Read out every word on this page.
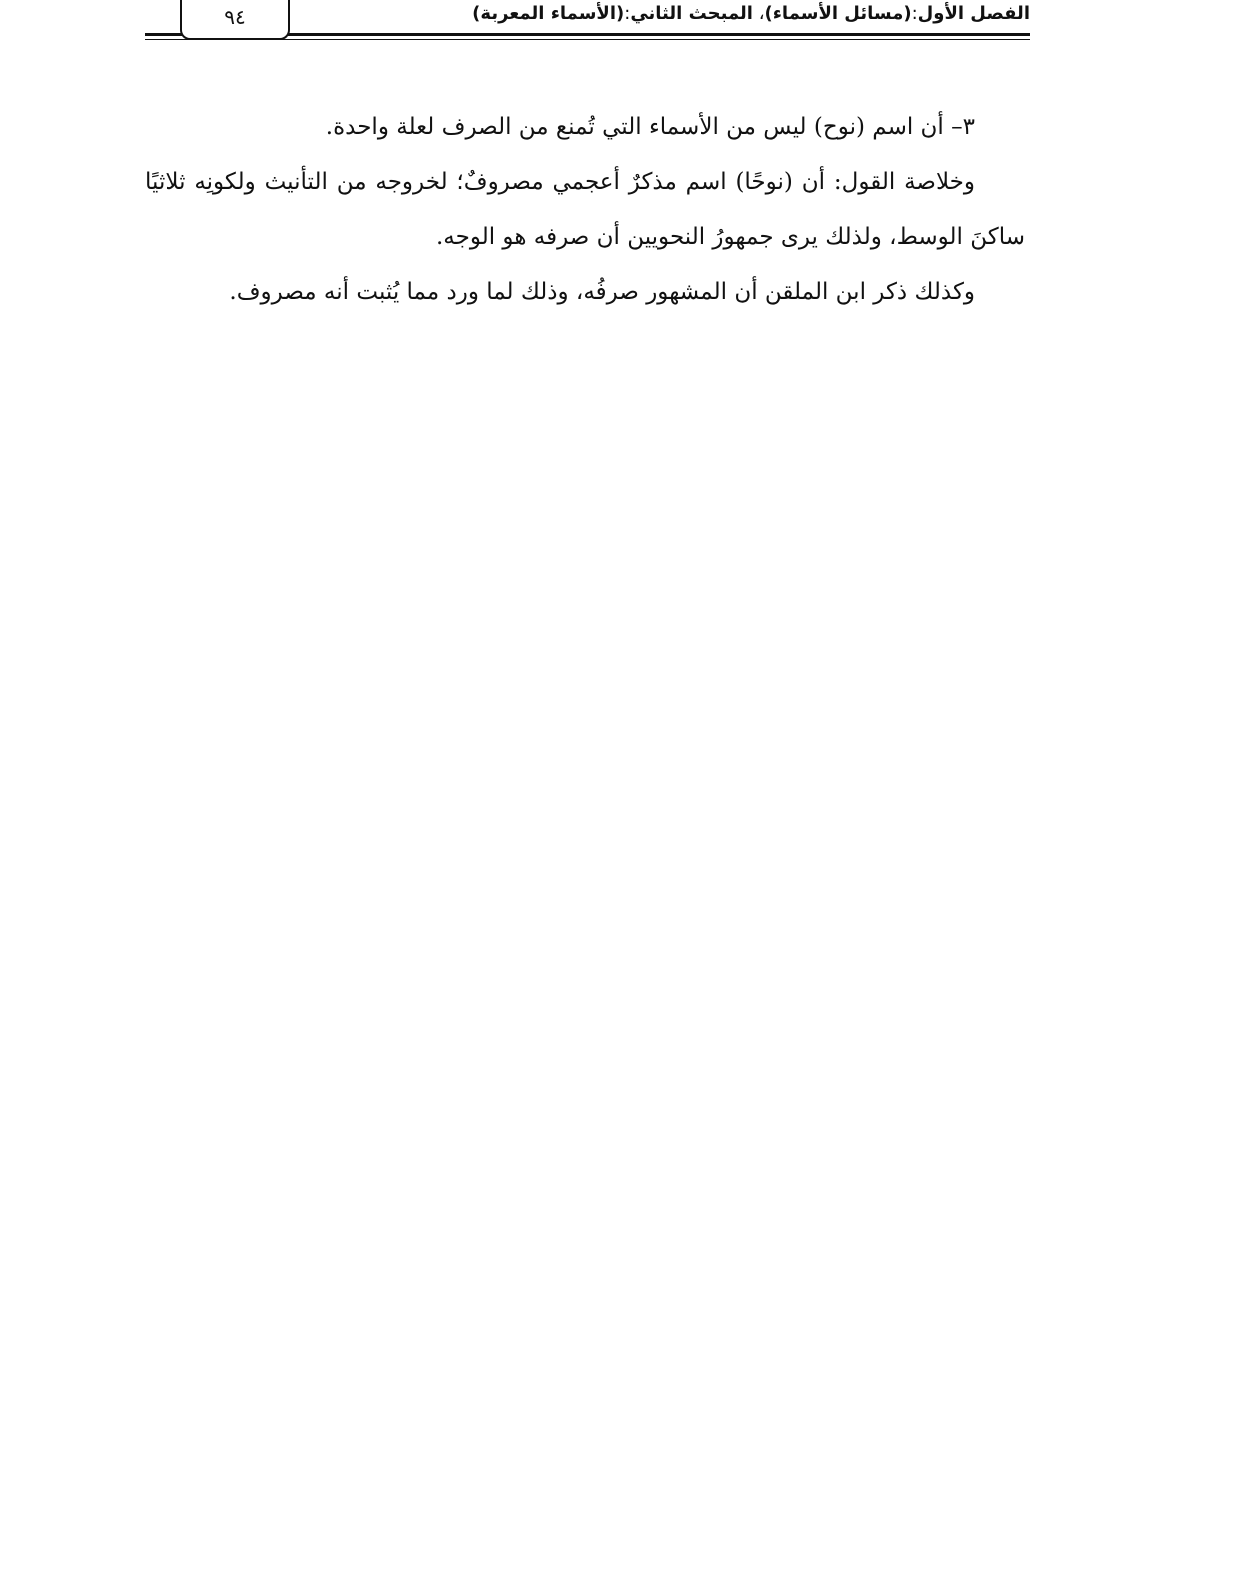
الفصل الأول:(مسائل الأسماء)، المبحث الثاني:(الأسماء المعربة)
٩٤

٣– أن اسم (نوح) ليس من الأسماء التي تُمنع من الصرف لعلة واحدة.

وخلاصة القول: أن (نوحًا) اسم مذكرٌ أعجمي مصروفٌ؛ لخروجه من التأنيث ولكونِه ثلاثيًا ساكنَ الوسط، ولذلك يرى جمهورُ النحويين أن صرفه هو الوجه.

وكذلك ذكر ابن الملقن أن المشهور صرفُه، وذلك لما ورد مما يُثبت أنه مصروف.
